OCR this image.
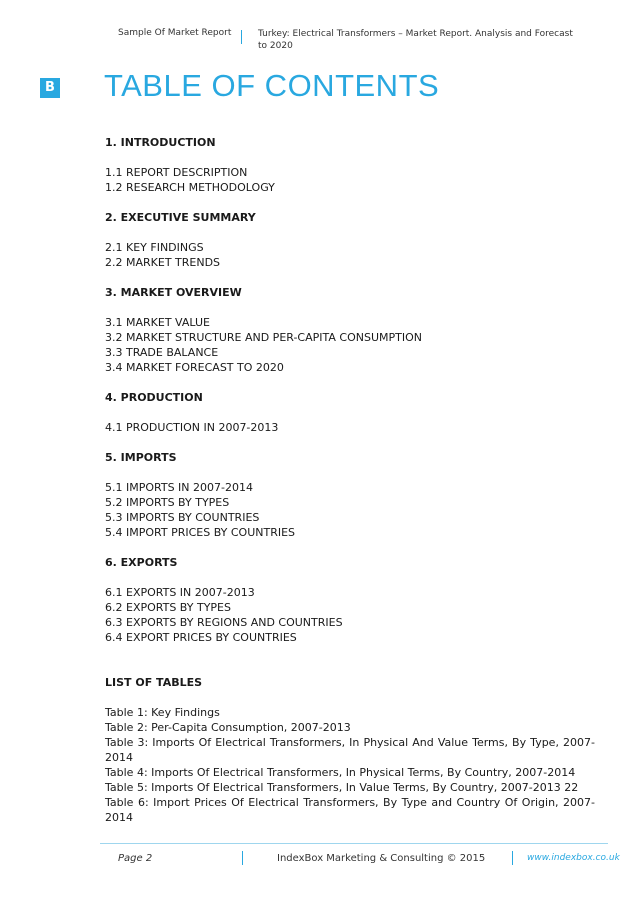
Sample Of Market Report	Turkey: Electrical Transformers – Market Report. Analysis and Forecast to 2020
B TABLE OF CONTENTS
1. INTRODUCTION
1.1 REPORT DESCRIPTION
1.2 RESEARCH METHODOLOGY
2. EXECUTIVE SUMMARY
2.1 KEY FINDINGS
2.2 MARKET TRENDS
3. MARKET OVERVIEW
3.1 MARKET VALUE
3.2 MARKET STRUCTURE AND PER-CAPITA CONSUMPTION
3.3 TRADE BALANCE
3.4 MARKET FORECAST TO 2020
4. PRODUCTION
4.1 PRODUCTION IN 2007-2013
5. IMPORTS
5.1 IMPORTS IN 2007-2014
5.2 IMPORTS BY TYPES
5.3 IMPORTS BY COUNTRIES
5.4 IMPORT PRICES BY COUNTRIES
6. EXPORTS
6.1 EXPORTS IN 2007-2013
6.2 EXPORTS BY TYPES
6.3 EXPORTS BY REGIONS AND COUNTRIES
6.4 EXPORT PRICES BY COUNTRIES
LIST OF TABLES
Table 1: Key Findings
Table 2: Per-Capita Consumption, 2007-2013
Table 3: Imports Of Electrical Transformers, In Physical And Value Terms, By Type, 2007-2014
Table 4: Imports Of Electrical Transformers, In Physical Terms, By Country, 2007-2014
Table 5: Imports Of Electrical Transformers, In Value Terms, By Country, 2007-2013 22
Table 6: Import Prices Of Electrical Transformers, By Type and Country Of Origin, 2007-2014
Page 2	IndexBox Marketing & Consulting © 2015	www.indexbox.co.uk
